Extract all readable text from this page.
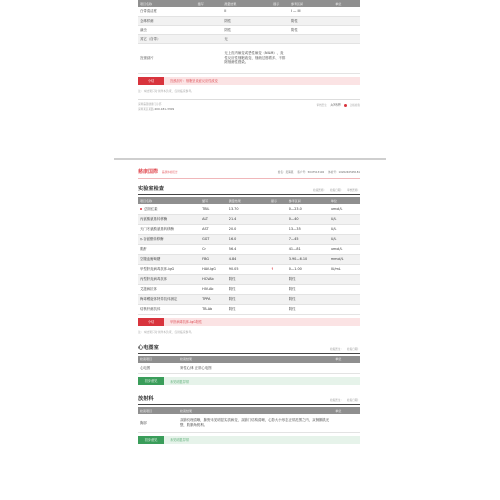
项目名称	缩写	测量结果	提示	参考区间	单位
白带清洁度		II		I — III	
念珠样菌		阴性		阴性	
滴虫		阴性		阴性	
其它（自带）		无			
宫颈刮片		无上皮内病变或恶性病变（NILM）、炎性反应性细胞改变、细菌过度增多、不排除细菌性感染。			
小结	宫颈刮片：细胞呈炎症反应性改变
注：本结果只对该样本负责，仅供临床参考。
深圳慈善健康门诊部
深圳某区某路 400-181-3309
审核医生 吴晓彬	合格检验
慈康国際 慈康体检报告	姓名：吴海燕 客户号：5047513192 体检号：1020240505181
实验室检查	检查医师： 检查日期： 审核医师：
项目名称	缩写	测量结果	提示	参考区间	单位
总胆红素	TBIL	13.70		0—23.0	umol/L
丙氨酸氨基转移酶	ALT	21.4		0—40	U/L
天门冬氨酸氨基转移酶	AST	20.0		13—35	U/L
γ-谷氨酰转移酶	GGT	16.0		7—45	U/L
肌酐	Cr	56.4		41—81	umol/L
空腹血葡萄糖	FBG	4.84		3.90—6.10	mmol/L
甲型肝炎病毒抗体-IgG	HAV-IgG	90.05	↑	0—1.00	IU/mL
丙型肝炎病毒抗体	HCVAb	阴性		阴性	
艾滋病抗体	HIV-Ab	阴性		阴性	
梅毒螺旋体特异抗体测定	TPPA	阴性		阴性	
结核杆菌抗体	TB-Ab	阴性		阴性	
小结	甲肝病毒抗体-IgG阳性
注：本结果只对该样本负责，仅供临床参考。
心电图室	检查医生： 检查日期：
检查项目	检查结果	单位
心电图	窦性心律 正常心电图	
初步意见	未见明显异常
放射科	检查医生： 检查日期：
检查项目	检查结果	单位
胸部	双肺纹理清晰，肺野未见明显实质病变，双肺门结构清晰，心影大小形态正常范围之内，双侧膈肌光整，肋膈角锐利。	
初步意见	未见明显异常
